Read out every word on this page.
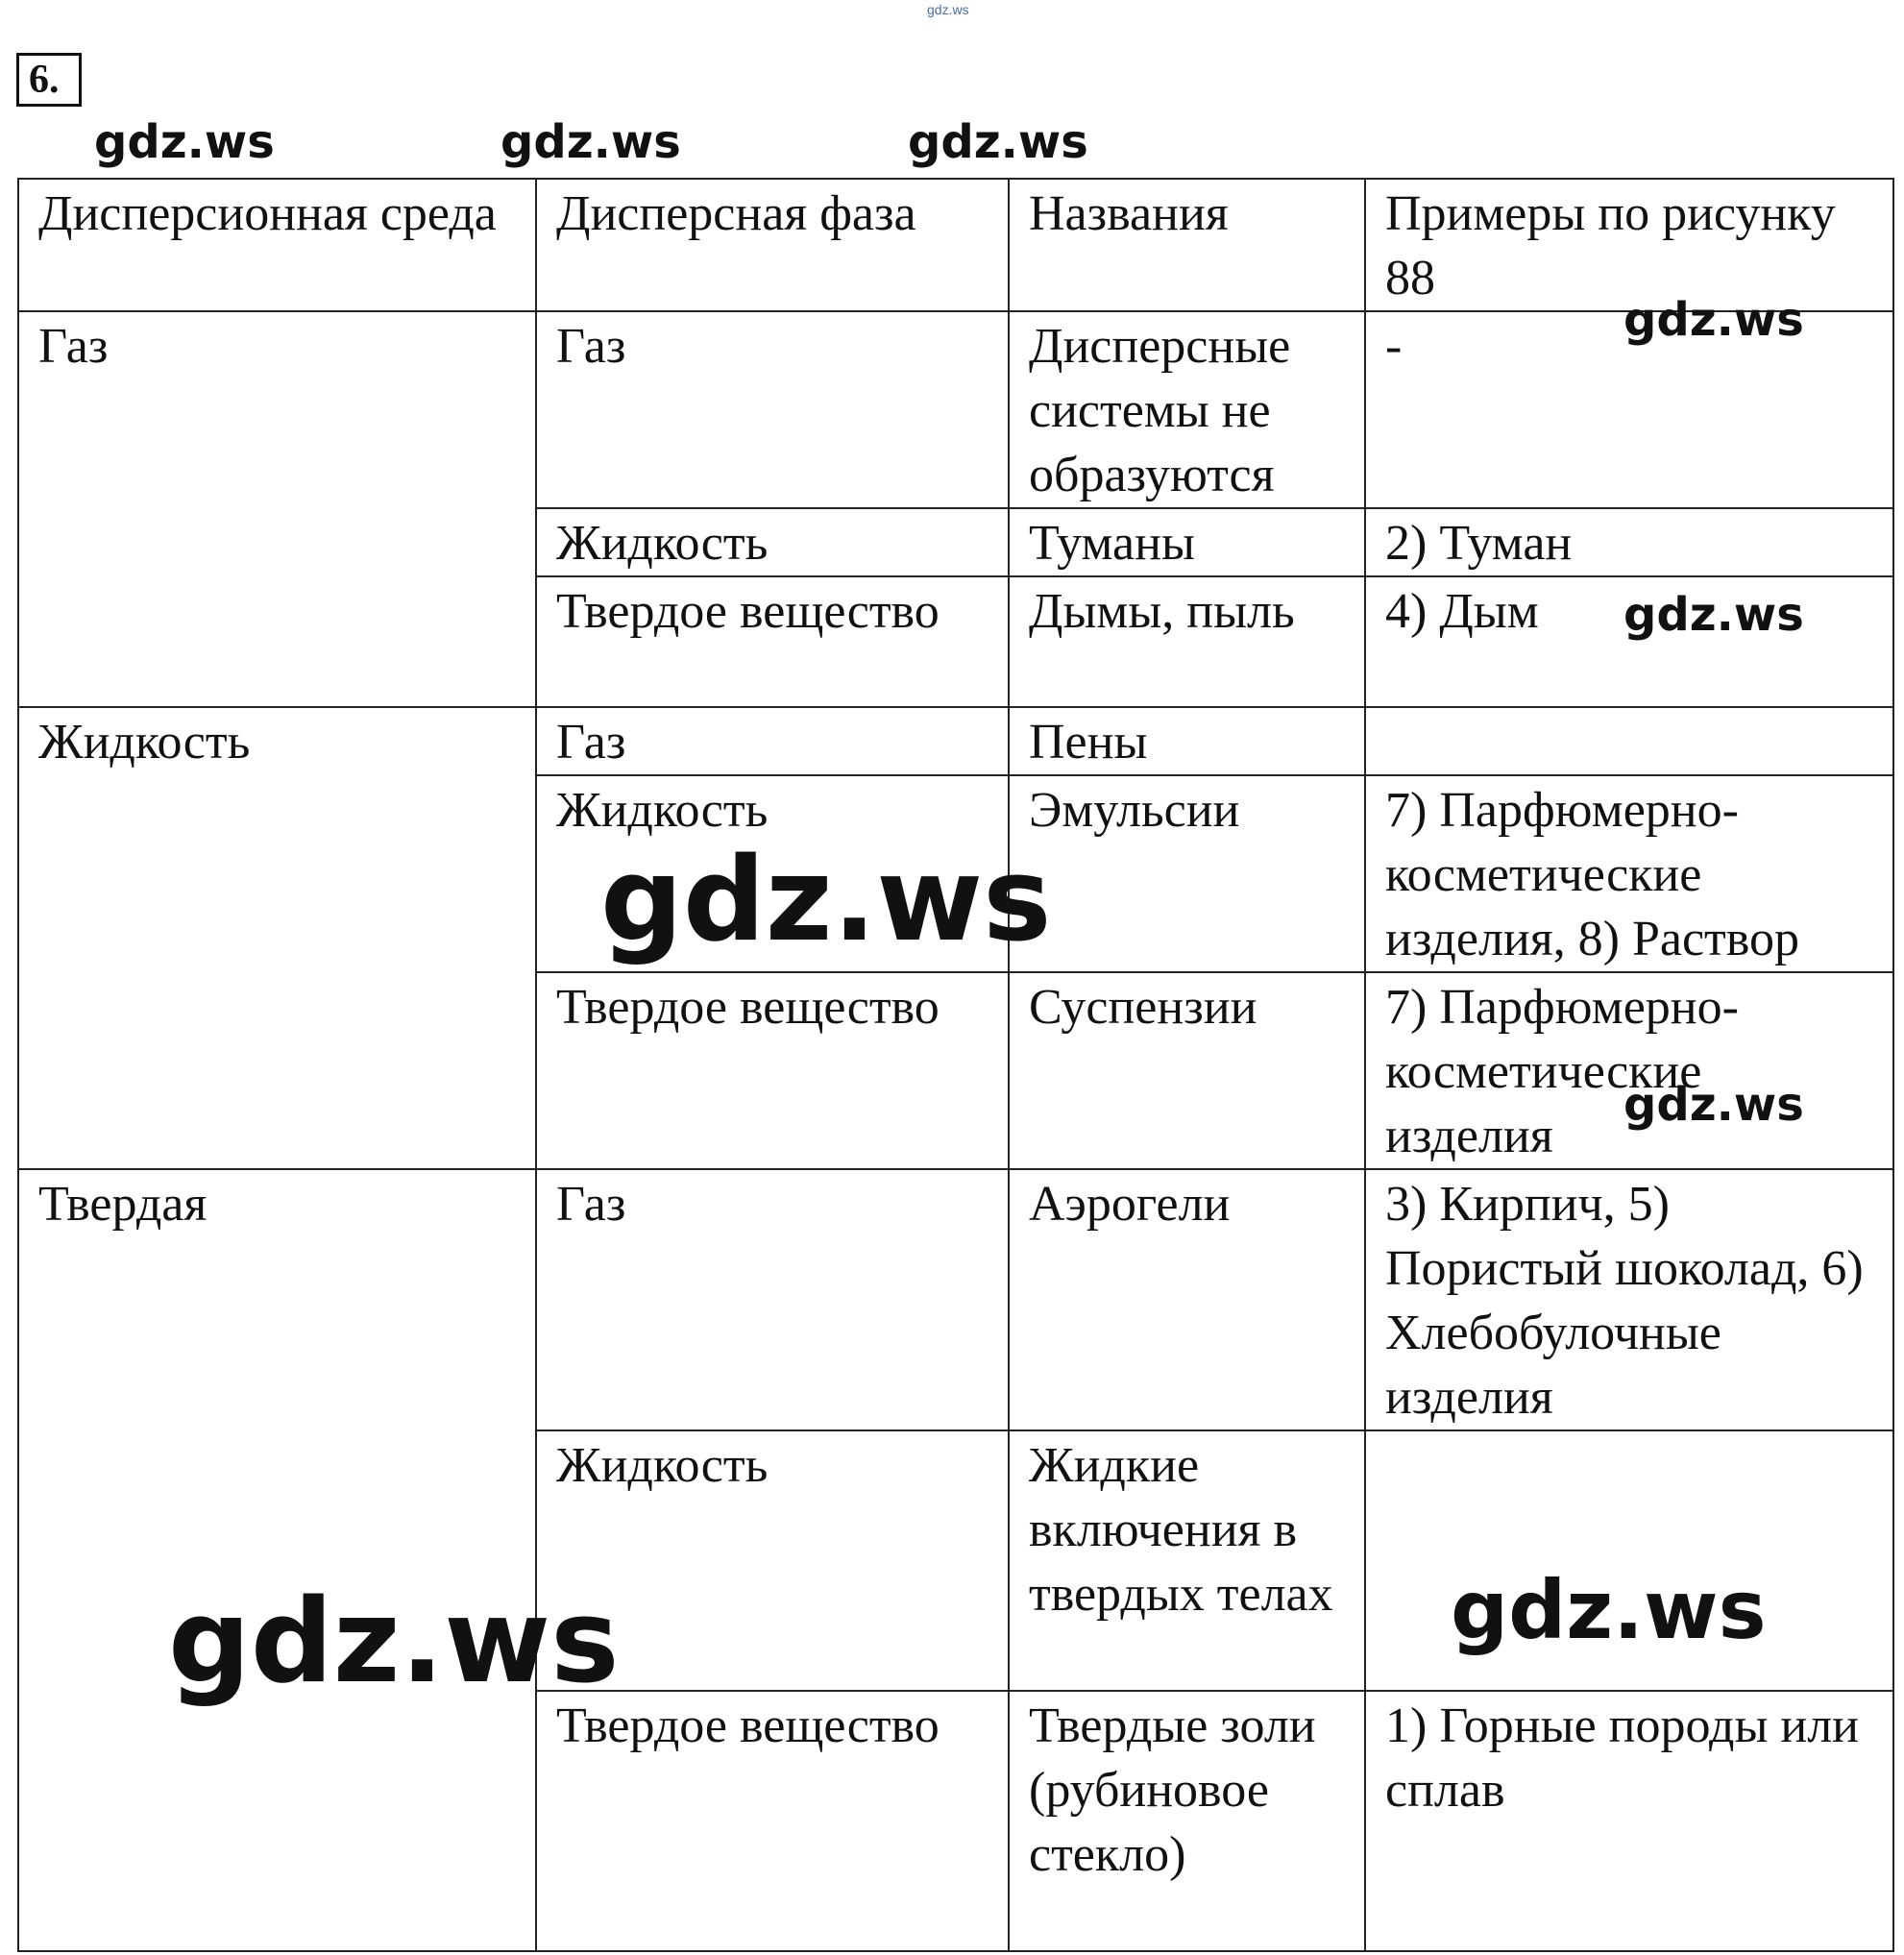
gdz.ws
6.
Дисперсионная среда	Дисперсная фаза	Названия	Примеры по рисунку 88
Газ	Газ	Дисперсные системы не образуются	-
	Жидкость	Туманы	2) Туман
	Твердое вещество	Дымы, пыль	4) Дым
Жидкость	Газ	Пены	
	Жидкость	Эмульсии	7) Парфюмерно-косметические изделия, 8) Раствор
	Твердое вещество	Суспензии	7) Парфюмерно-косметические изделия
Твердая	Газ	Аэрогели	3) Кирпич, 5) Пористый шоколад, 6) Хлебобулочные изделия
	Жидкость	Жидкие включения в твердых телах	
	Твердое вещество	Твердые золи (рубиновое стекло)	1) Горные породы или сплав
gdz.ws	gdz.ws	gdz.ws
gdz.ws
gdz.ws
gdz.ws
gdz.ws
gdz.ws	gdz.ws
